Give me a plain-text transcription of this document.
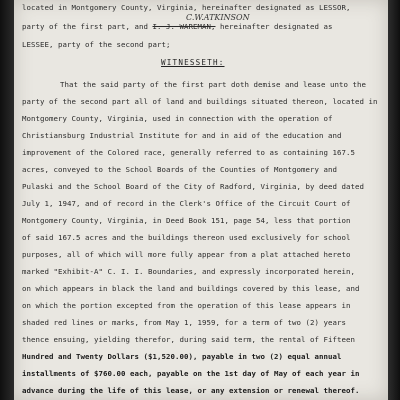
located in Montgomery County, Virginia, hereinafter designated as LESSOR,
C.W.ATKINSON
party of the first part, and I. J. WAREMAN, hereinafter designated as
LESSEE, party of the second part;
WITNESSETH:
That the said party of the first part doth demise and lease unto the
party of the second part all of land and buildings situated thereon, located in
Montgomery County, Virginia, used in connection with the operation of
Christiansburg Industrial Institute for and in aid of the education and
improvement of the Colored race, generally referred to as containing 167.5
acres, conveyed to the School Boards of the Counties of Montgomery and
Pulaski and the School Board of the City of Radford, Virginia, by deed dated
July 1, 1947, and of record in the Clerk's Office of the Circuit Court of
Montgomery County, Virginia, in Deed Book 151, page 54, less that portion
of said 167.5 acres and the buildings thereon used exclusively for school
purposes, all of which will more fully appear from a plat attached hereto
marked "Exhibit-A" C. I. I. Boundaries, and expressly incorporated herein,
on which appears in black the land and buildings covered by this lease, and
on which the portion excepted from the operation of this lease appears in
shaded red lines or marks, from May 1, 1959, for a term of two (2) years
thence ensuing, yielding therefor, during said term, the rental of Fifteen
Hundred and Twenty Dollars ($1,520.00), payable in two (2) equal annual
installments of $760.00 each, payable on the 1st day of May of each year in
advance during the life of this lease, or any extension or renewal thereof.
